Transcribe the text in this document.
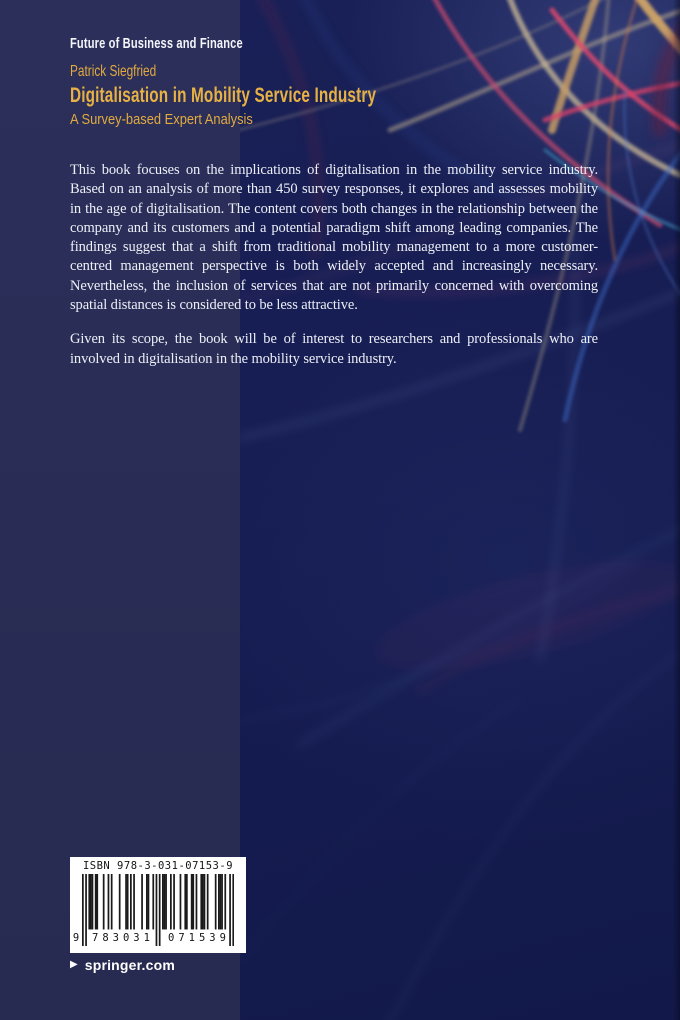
Future of Business and Finance
Patrick Siegfried
Digitalisation in Mobility Service Industry
A Survey-based Expert Analysis

This book focuses on the implications of digitalisation in the mobility service industry. Based on an analysis of more than 450 survey responses, it explores and assesses mobility in the age of digitalisation. The content covers both changes in the relationship between the company and its customers and a potential paradigm shift among leading companies. The findings suggest that a shift from traditional mobility management to a more customer-centred management perspective is both widely accepted and increasingly necessary. Nevertheless, the inclusion of services that are not primarily concerned with overcoming spatial distances is considered to be less attractive.

Given its scope, the book will be of interest to researchers and professionals who are involved in digitalisation in the mobility service industry.

ISBN 978-3-031-07153-9
9	783031	071539
▶ springer.com
